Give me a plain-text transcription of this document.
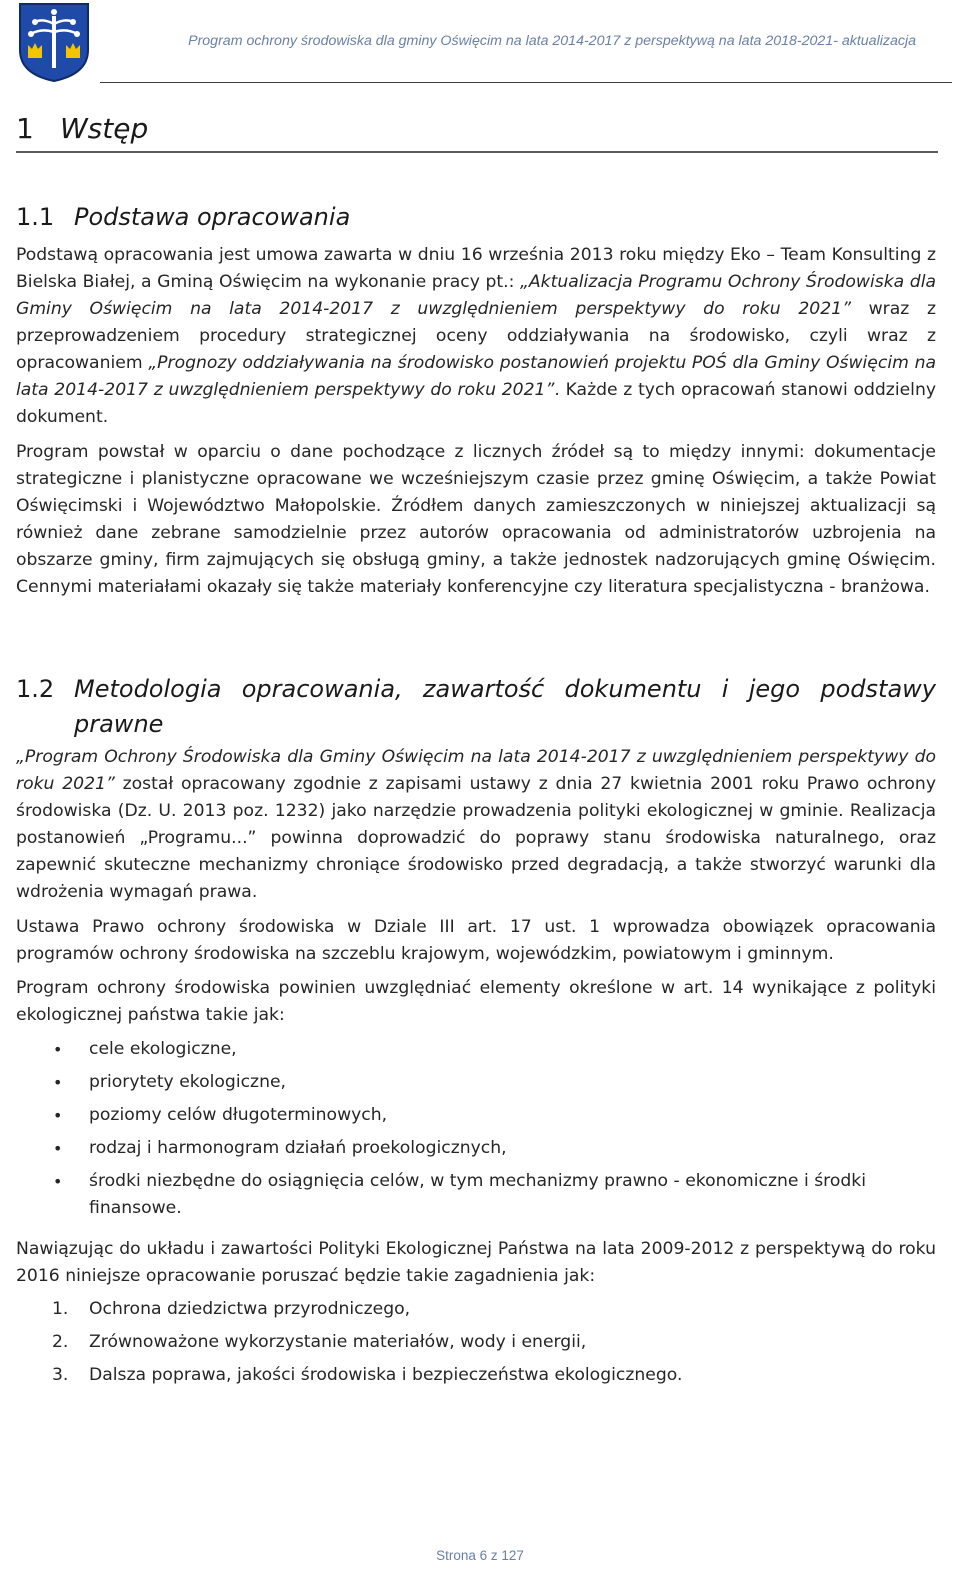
Program ochrony środowiska dla gminy Oświęcim na lata 2014-2017 z perspektywą na lata 2018-2021- aktualizacja
1 Wstęp
1.1 Podstawa opracowania

Podstawą opracowania jest umowa zawarta w dniu 16 września 2013 roku między Eko – Team Konsulting z Bielska Białej, a Gminą Oświęcim na wykonanie pracy pt.: „Aktualizacja Programu Ochrony Środowiska dla Gminy Oświęcim na lata 2014-2017 z uwzględnieniem perspektywy do roku 2021” wraz z przeprowadzeniem procedury strategicznej oceny oddziaływania na środowisko, czyli wraz z opracowaniem „Prognozy oddziaływania na środowisko postanowień projektu POŚ dla Gminy Oświęcim na lata 2014-2017 z uwzględnieniem perspektywy do roku 2021”. Każde z tych opracowań stanowi oddzielny dokument.

Program powstał w oparciu o dane pochodzące z licznych źródeł są to między innymi: dokumentacje strategiczne i planistyczne opracowane we wcześniejszym czasie przez gminę Oświęcim, a także Powiat Oświęcimski i Województwo Małopolskie. Źródłem danych zamieszczonych w niniejszej aktualizacji są również dane zebrane samodzielnie przez autorów opracowania od administratorów uzbrojenia na obszarze gminy, firm zajmujących się obsługą gminy, a także jednostek nadzorujących gminę Oświęcim. Cennymi materiałami okazały się także materiały konferencyjne czy literatura specjalistyczna - branżowa.

1.2 Metodologia opracowania, zawartość dokumentu i jego podstawy prawne

„Program Ochrony Środowiska dla Gminy Oświęcim na lata 2014-2017 z uwzględnieniem perspektywy do roku 2021” został opracowany zgodnie z zapisami ustawy z dnia 27 kwietnia 2001 roku Prawo ochrony środowiska (Dz. U. 2013 poz. 1232) jako narzędzie prowadzenia polityki ekologicznej w gminie. Realizacja postanowień „Programu...” powinna doprowadzić do poprawy stanu środowiska naturalnego, oraz zapewnić skuteczne mechanizmy chroniące środowisko przed degradacją, a także stworzyć warunki dla wdrożenia wymagań prawa.

Ustawa Prawo ochrony środowiska w Dziale III art. 17 ust. 1 wprowadza obowiązek opracowania programów ochrony środowiska na szczeblu krajowym, wojewódzkim, powiatowym i gminnym.

Program ochrony środowiska powinien uwzględniać elementy określone w art. 14 wynikające z polityki ekologicznej państwa takie jak:

•	cele ekologiczne,
•	priorytety ekologiczne,
•	poziomy celów długoterminowych,
•	rodzaj i harmonogram działań proekologicznych,
•	środki niezbędne do osiągnięcia celów, w tym mechanizmy prawno - ekonomiczne i środki finansowe.

Nawiązując do układu i zawartości Polityki Ekologicznej Państwa na lata 2009-2012 z perspektywą do roku 2016 niniejsze opracowanie poruszać będzie takie zagadnienia jak:

1.	Ochrona dziedzictwa przyrodniczego,
2.	Zrównoważone wykorzystanie materiałów, wody i energii,
3.	Dalsza poprawa, jakości środowiska i bezpieczeństwa ekologicznego.
Strona 6 z 127
